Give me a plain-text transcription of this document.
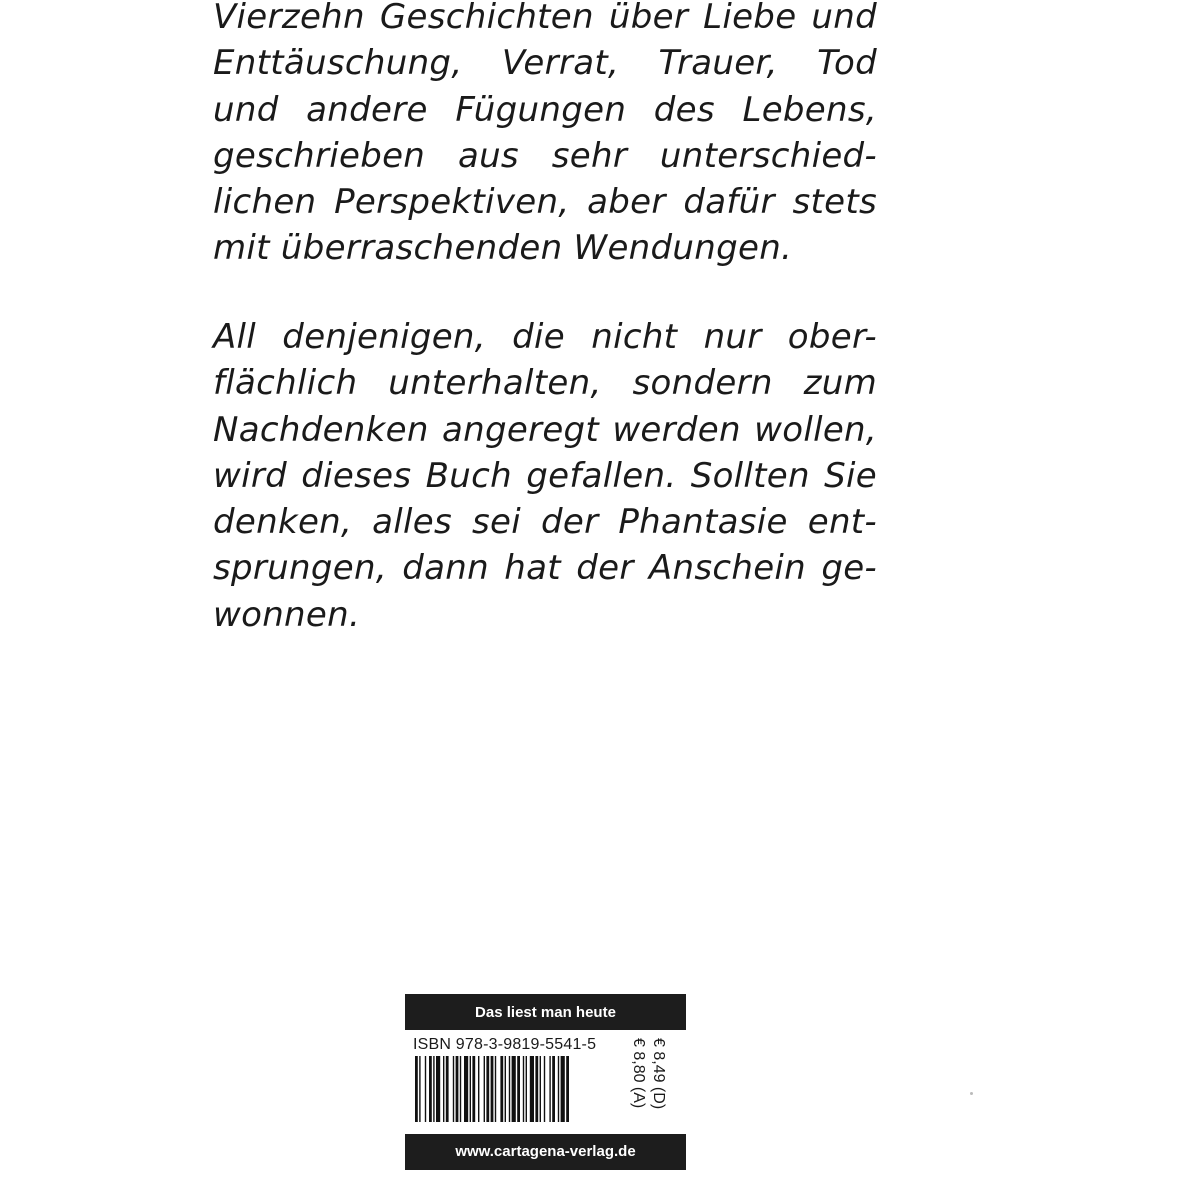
Vierzehn Geschichten über Liebe und
Enttäuschung, Verrat, Trauer, Tod
und andere Fügungen des Lebens,
geschrieben aus sehr unterschied-
lichen Perspektiven, aber dafür stets
mit überraschenden Wendungen.
All denjenigen, die nicht nur ober-
flächlich unterhalten, sondern zum
Nachdenken angeregt werden wollen,
wird dieses Buch gefallen. Sollten Sie
denken, alles sei der Phantasie ent-
sprungen, dann hat der Anschein ge-
wonnen.
Das liest man heute
ISBN 978-3-9819-5541-5	€ 8,49 (D)
€ 8,80 (A)
www.cartagena-verlag.de
